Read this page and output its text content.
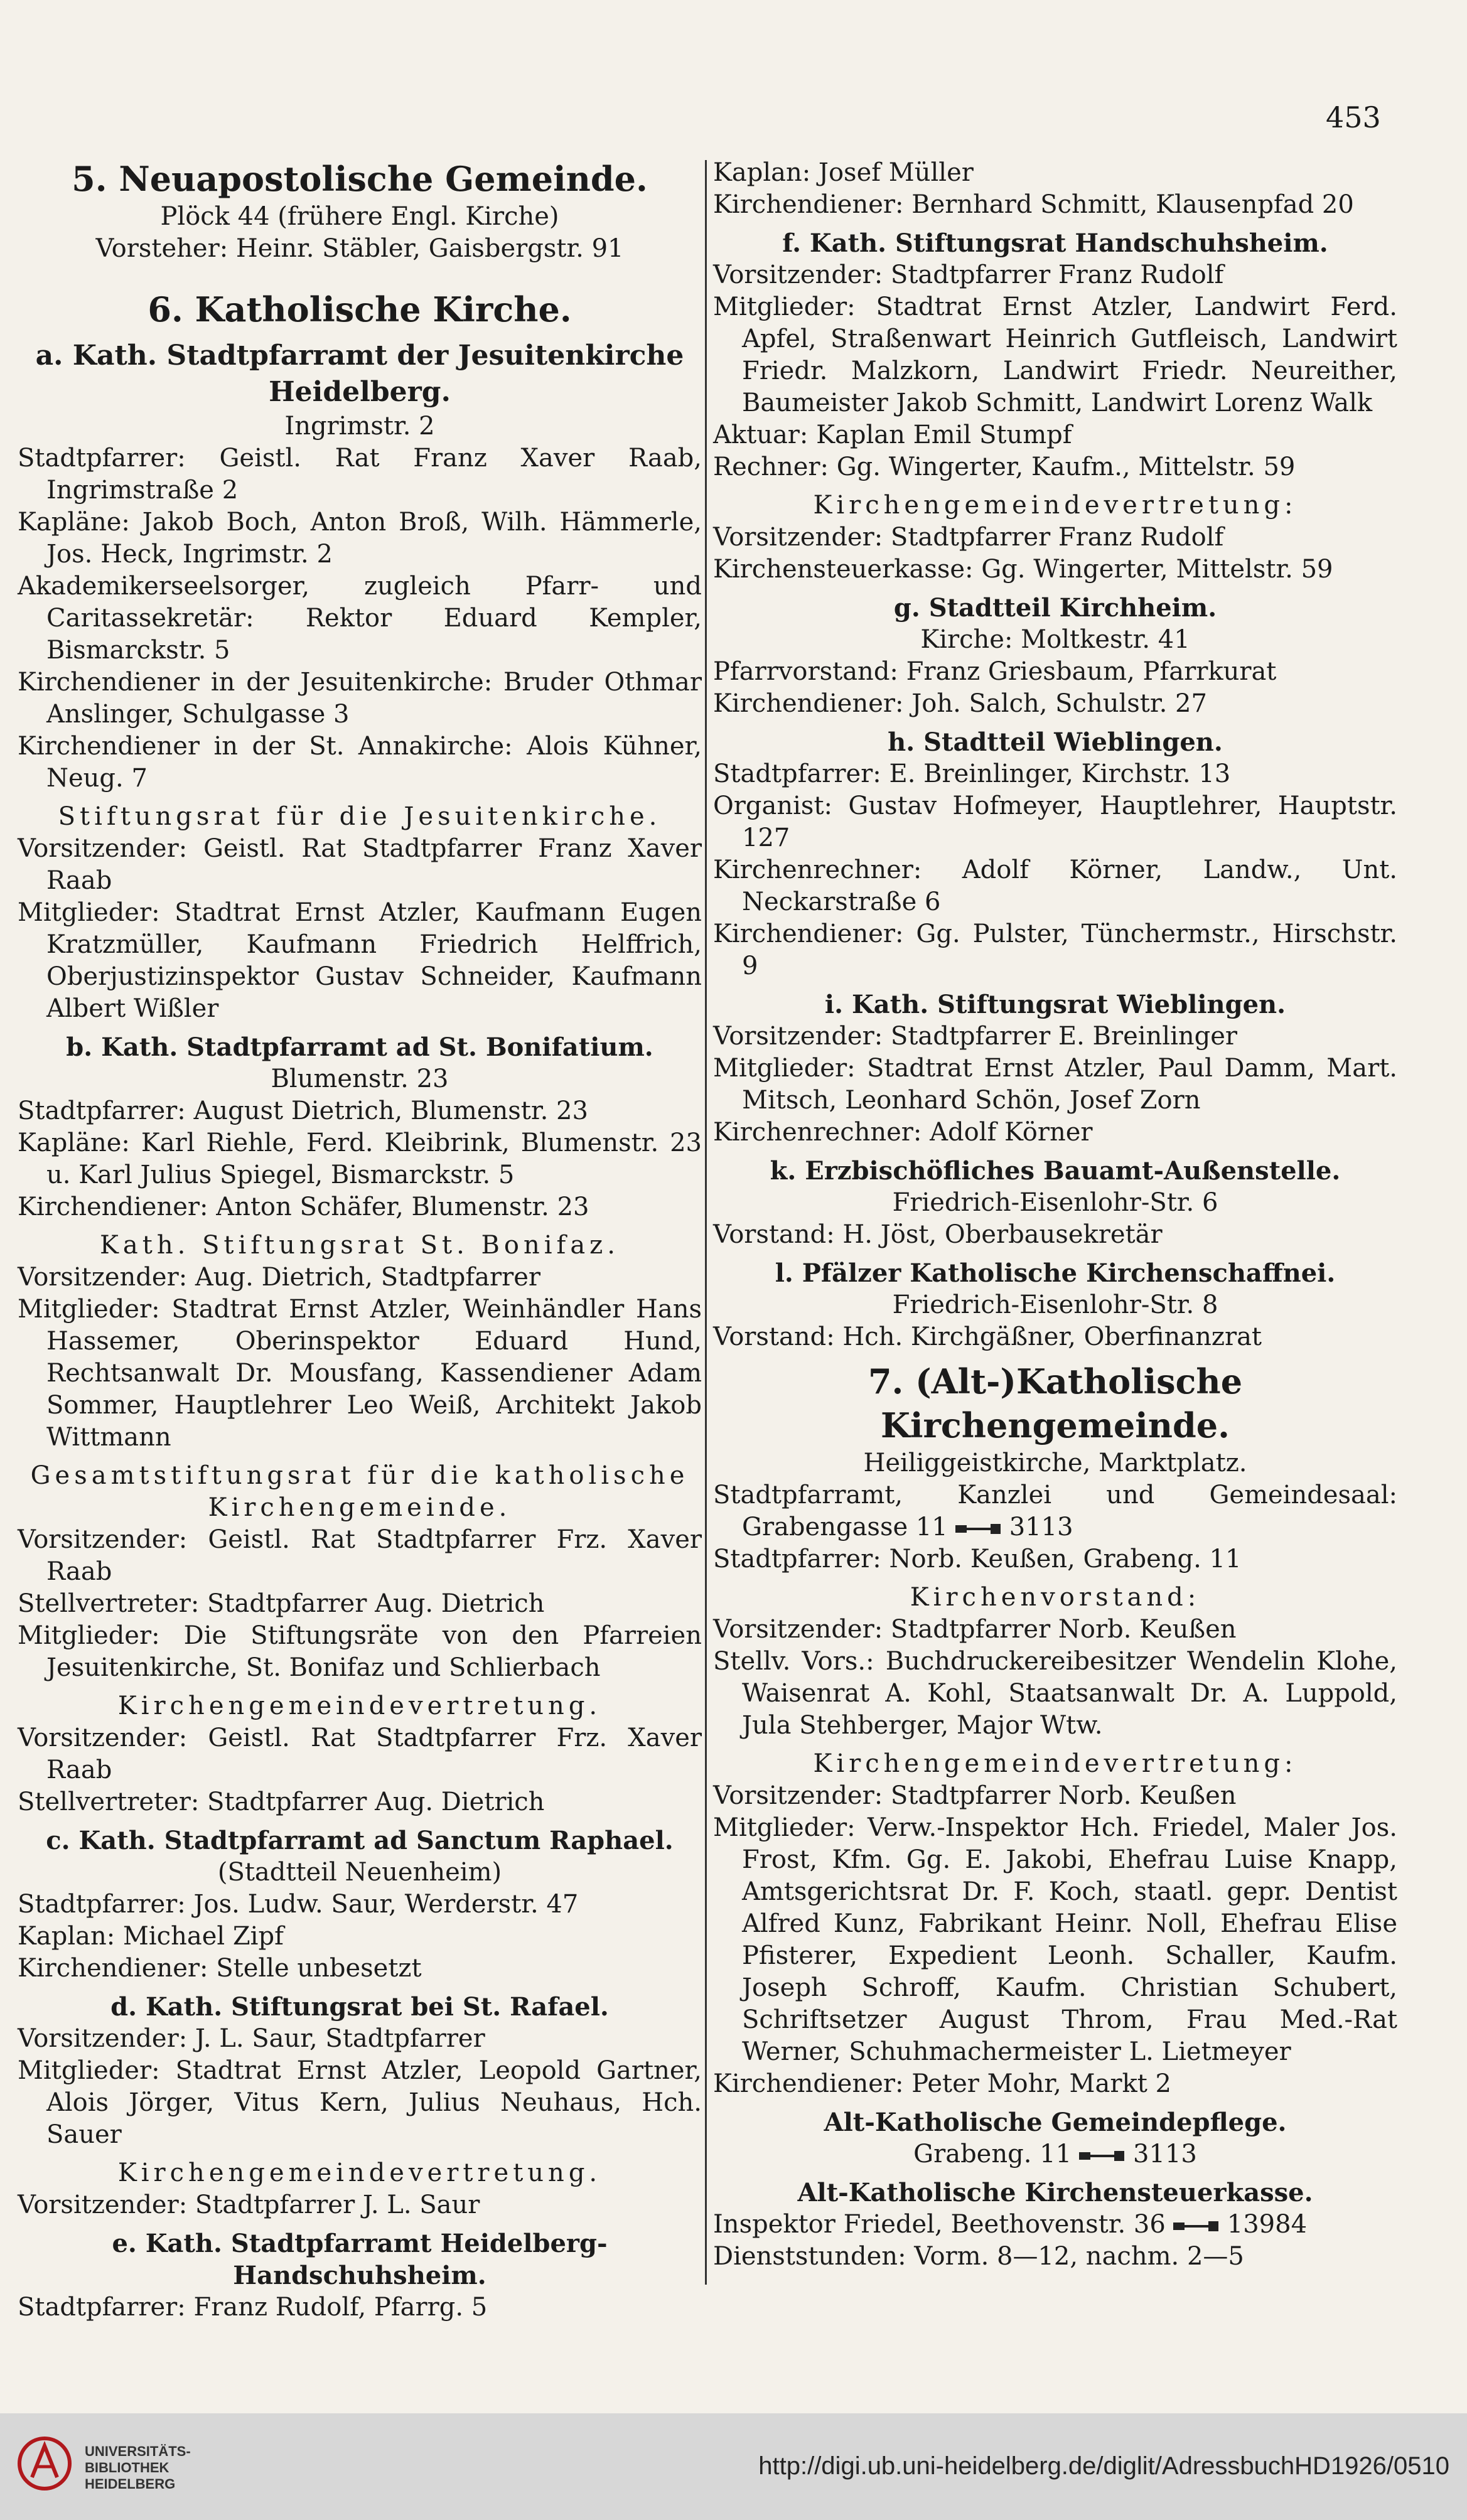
453

5. Neuapostolische Gemeinde.

Plöck 44 (frühere Engl. Kirche)

Vorsteher: Heinr. Stäbler, Gaisbergstr. 91

6. Katholische Kirche.

a. Kath. Stadtpfarramt der Jesuitenkirche Heidelberg.

Ingrimstr. 2

Stadtpfarrer: Geistl. Rat Franz Xaver Raab, Ingrimstraße 2

Kapläne: Jakob Boch, Anton Broß, Wilh. Hämmerle, Jos. Heck, Ingrimstr. 2

Akademikerseelsorger, zugleich Pfarr- und Caritassekretär: Rektor Eduard Kempler, Bismarckstr. 5

Kirchendiener in der Jesuitenkirche: Bruder Othmar Anslinger, Schulgasse 3

Kirchendiener in der St. Annakirche: Alois Kühner, Neug. 7

Stiftungsrat für die Jesuitenkirche.

Vorsitzender: Geistl. Rat Stadtpfarrer Franz Xaver Raab

Mitglieder: Stadtrat Ernst Atzler, Kaufmann Eugen Kratzmüller, Kaufmann Friedrich Helffrich, Oberjustizinspektor Gustav Schneider, Kaufmann Albert Wißler

b. Kath. Stadtpfarramt ad St. Bonifatium.

Blumenstr. 23

Stadtpfarrer: August Dietrich, Blumenstr. 23

Kapläne: Karl Riehle, Ferd. Kleibrink, Blumenstr. 23 u. Karl Julius Spiegel, Bismarckstr. 5

Kirchendiener: Anton Schäfer, Blumenstr. 23

Kath. Stiftungsrat St. Bonifaz.

Vorsitzender: Aug. Dietrich, Stadtpfarrer

Mitglieder: Stadtrat Ernst Atzler, Weinhändler Hans Hassemer, Oberinspektor Eduard Hund, Rechtsanwalt Dr. Mousfang, Kassendiener Adam Sommer, Hauptlehrer Leo Weiß, Architekt Jakob Wittmann

Gesamtstiftungsrat für die katholische Kirchengemeinde.

Vorsitzender: Geistl. Rat Stadtpfarrer Frz. Xaver Raab

Stellvertreter: Stadtpfarrer Aug. Dietrich

Mitglieder: Die Stiftungsräte von den Pfarreien Jesuitenkirche, St. Bonifaz und Schlierbach

Kirchengemeindevertretung.

Vorsitzender: Geistl. Rat Stadtpfarrer Frz. Xaver Raab

Stellvertreter: Stadtpfarrer Aug. Dietrich

c. Kath. Stadtpfarramt ad Sanctum Raphael.

(Stadtteil Neuenheim)

Stadtpfarrer: Jos. Ludw. Saur, Werderstr. 47

Kaplan: Michael Zipf

Kirchendiener: Stelle unbesetzt

d. Kath. Stiftungsrat bei St. Rafael.

Vorsitzender: J. L. Saur, Stadtpfarrer

Mitglieder: Stadtrat Ernst Atzler, Leopold Gartner, Alois Jörger, Vitus Kern, Julius Neuhaus, Hch. Sauer

Kirchengemeindevertretung.

Vorsitzender: Stadtpfarrer J. L. Saur

e. Kath. Stadtpfarramt Heidelberg-Handschuhsheim.

Stadtpfarrer: Franz Rudolf, Pfarrg. 5

Kaplan: Josef Müller

Kirchendiener: Bernhard Schmitt, Klausenpfad 20

f. Kath. Stiftungsrat Handschuhsheim.

Vorsitzender: Stadtpfarrer Franz Rudolf

Mitglieder: Stadtrat Ernst Atzler, Landwirt Ferd. Apfel, Straßenwart Heinrich Gutfleisch, Landwirt Friedr. Malzkorn, Landwirt Friedr. Neureither, Baumeister Jakob Schmitt, Landwirt Lorenz Walk

Aktuar: Kaplan Emil Stumpf

Rechner: Gg. Wingerter, Kaufm., Mittelstr. 59

Kirchengemeindevertretung:

Vorsitzender: Stadtpfarrer Franz Rudolf

Kirchensteuerkasse: Gg. Wingerter, Mittelstr. 59

g. Stadtteil Kirchheim.

Kirche: Moltkestr. 41

Pfarrvorstand: Franz Griesbaum, Pfarrkurat

Kirchendiener: Joh. Salch, Schulstr. 27

h. Stadtteil Wieblingen.

Stadtpfarrer: E. Breinlinger, Kirchstr. 13

Organist: Gustav Hofmeyer, Hauptlehrer, Hauptstr. 127

Kirchenrechner: Adolf Körner, Landw., Unt. Neckarstraße 6

Kirchendiener: Gg. Pulster, Tünchermstr., Hirschstr. 9

i. Kath. Stiftungsrat Wieblingen.

Vorsitzender: Stadtpfarrer E. Breinlinger

Mitglieder: Stadtrat Ernst Atzler, Paul Damm, Mart. Mitsch, Leonhard Schön, Josef Zorn

Kirchenrechner: Adolf Körner

k. Erzbischöfliches Bauamt-Außenstelle.

Friedrich-Eisenlohr-Str. 6

Vorstand: H. Jöst, Oberbausekretär

l. Pfälzer Katholische Kirchenschaffnei.

Friedrich-Eisenlohr-Str. 8

Vorstand: Hch. Kirchgäßner, Oberfinanzrat

7. (Alt-)Katholische Kirchengemeinde.

Heiliggeistkirche, Marktplatz.

Stadtpfarramt, Kanzlei und Gemeindesaal: Grabengasse 11 3113

Stadtpfarrer: Norb. Keußen, Grabeng. 11

Kirchenvorstand:

Vorsitzender: Stadtpfarrer Norb. Keußen

Stellv. Vors.: Buchdruckereibesitzer Wendelin Klohe, Waisenrat A. Kohl, Staatsanwalt Dr. A. Luppold, Jula Stehberger, Major Wtw.

Kirchengemeindevertretung:

Vorsitzender: Stadtpfarrer Norb. Keußen

Mitglieder: Verw.-Inspektor Hch. Friedel, Maler Jos. Frost, Kfm. Gg. E. Jakobi, Ehefrau Luise Knapp, Amtsgerichtsrat Dr. F. Koch, staatl. gepr. Dentist Alfred Kunz, Fabrikant Heinr. Noll, Ehefrau Elise Pfisterer, Expedient Leonh. Schaller, Kaufm. Joseph Schroff, Kaufm. Christian Schubert, Schriftsetzer August Throm, Frau Med.-Rat Werner, Schuhmachermeister L. Lietmeyer

Kirchendiener: Peter Mohr, Markt 2

Alt-Katholische Gemeindepflege.

Grabeng. 11 3113

Alt-Katholische Kirchensteuerkasse.

Inspektor Friedel, Beethovenstr. 36 13984

Dienststunden: Vorm. 8—12, nachm. 2—5

UNIVERSITÄTS-
BIBLIOTHEK
HEIDELBERG
http://digi.ub.uni-heidelberg.de/diglit/AdressbuchHD1926/0510
